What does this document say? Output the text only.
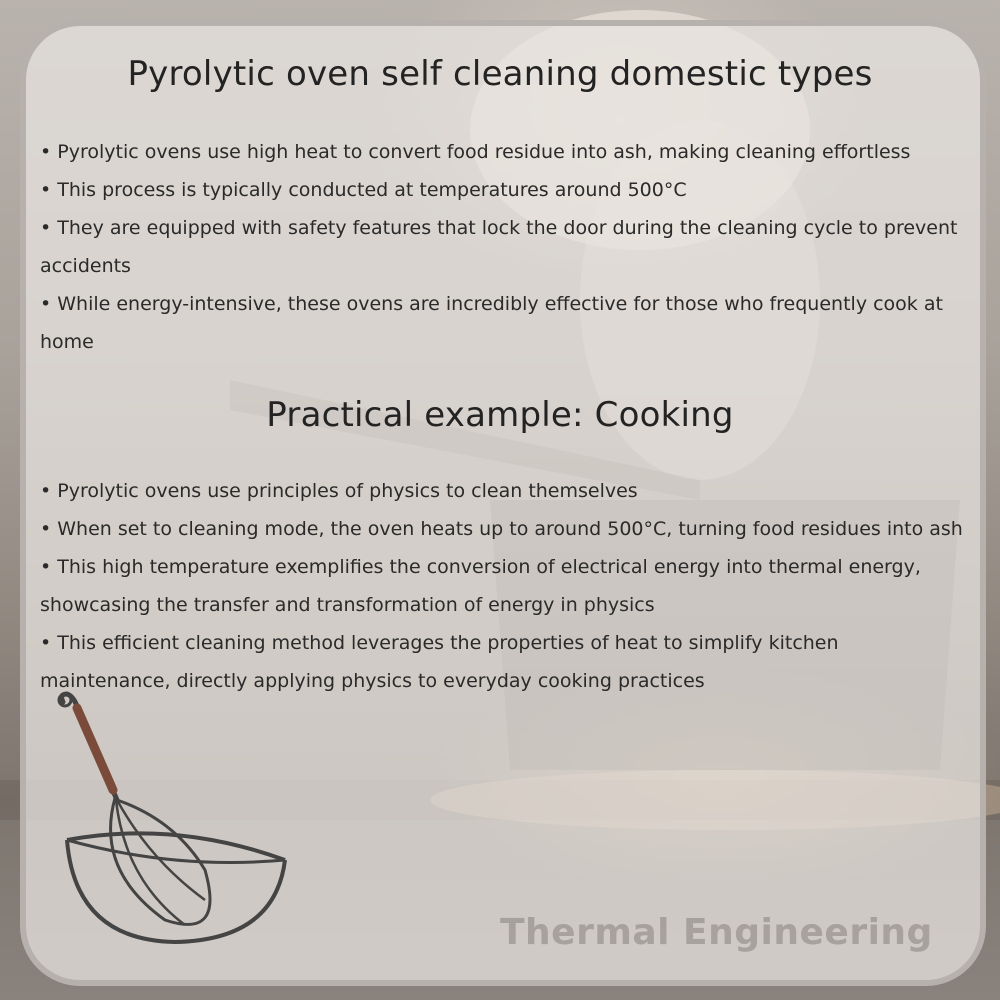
Pyrolytic oven self cleaning domestic types
• Pyrolytic ovens use high heat to convert food residue into ash, making cleaning effortless
• This process is typically conducted at temperatures around 500°C
• They are equipped with safety features that lock the door during the cleaning cycle to prevent accidents
• While energy-intensive, these ovens are incredibly effective for those who frequently cook at home
Practical example: Cooking
• Pyrolytic ovens use principles of physics to clean themselves
• When set to cleaning mode, the oven heats up to around 500°C, turning food residues into ash
• This high temperature exemplifies the conversion of electrical energy into thermal energy, showcasing the transfer and transformation of energy in physics
• This efficient cleaning method leverages the properties of heat to simplify kitchen maintenance, directly applying physics to everyday cooking practices
Thermal Engineering
